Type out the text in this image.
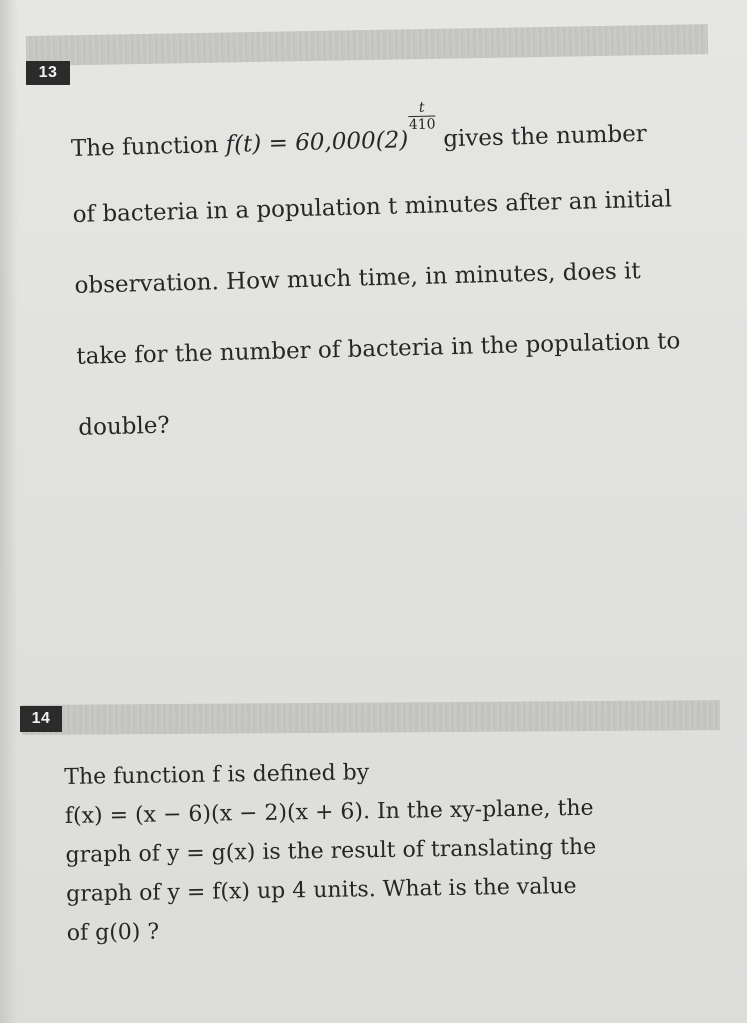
13
The function f(t) = 60,000(2)
$\frac{t}{410}$
gives the number
of bacteria in a population t minutes after an initial
observation. How much time, in minutes, does it
take for the number of bacteria in the population to
double?
14
The function f is defined by
f(x) = (x − 6)(x − 2)(x + 6). In the xy-plane, the
graph of y = g(x) is the result of translating the
graph of y = f(x) up 4 units. What is the value
of g(0) ?
